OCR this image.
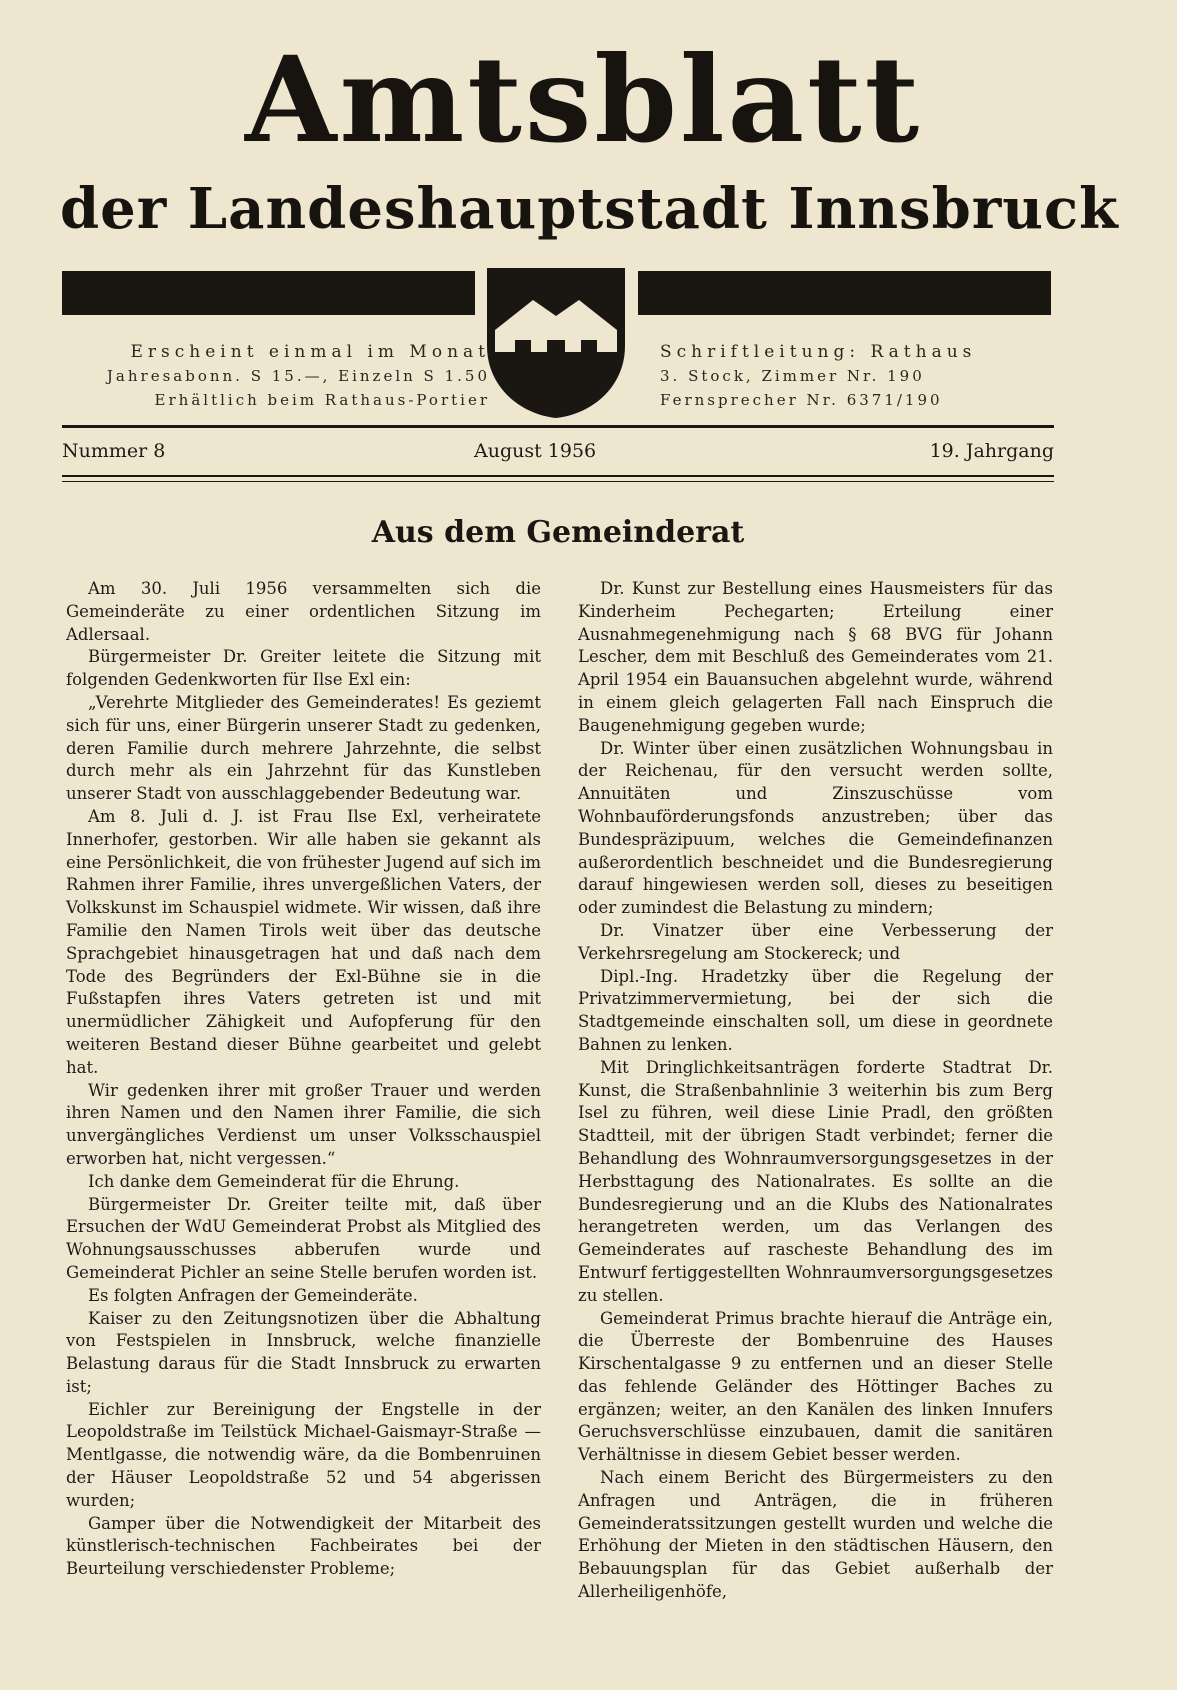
Amtsblatt
der Landeshauptstadt Innsbruck
Erscheint einmal im Monat
Jahresabonn. S 15.—, Einzeln S 1.50
Erhältlich beim Rathaus-Portier
Schriftleitung: Rathaus
3. Stock, Zimmer Nr. 190
Fernsprecher Nr. 6371/190
Nummer 8	August 1956	19. Jahrgang
Aus dem Gemeinderat

Am 30. Juli 1956 versammelten sich die Gemeinderäte zu einer ordentlichen Sitzung im Adlersaal.

Bürgermeister Dr. Greiter leitete die Sitzung mit folgenden Gedenkworten für Ilse Exl ein:

„Verehrte Mitglieder des Gemeinderates! Es geziemt sich für uns, einer Bürgerin unserer Stadt zu gedenken, deren Familie durch mehrere Jahrzehnte, die selbst durch mehr als ein Jahrzehnt für das Kunstleben unserer Stadt von ausschlaggebender Bedeutung war.

Am 8. Juli d. J. ist Frau Ilse Exl, verheiratete Innerhofer, gestorben. Wir alle haben sie gekannt als eine Persönlichkeit, die von frühester Jugend auf sich im Rahmen ihrer Familie, ihres unvergeßlichen Vaters, der Volkskunst im Schauspiel widmete. Wir wissen, daß ihre Familie den Namen Tirols weit über das deutsche Sprachgebiet hinausgetragen hat und daß nach dem Tode des Begründers der Exl-Bühne sie in die Fußstapfen ihres Vaters getreten ist und mit unermüdlicher Zähigkeit und Aufopferung für den weiteren Bestand dieser Bühne gearbeitet und gelebt hat.

Wir gedenken ihrer mit großer Trauer und werden ihren Namen und den Namen ihrer Familie, die sich unvergängliches Verdienst um unser Volksschauspiel erworben hat, nicht vergessen.“

Ich danke dem Gemeinderat für die Ehrung.

Bürgermeister Dr. Greiter teilte mit, daß über Ersuchen der WdU Gemeinderat Probst als Mitglied des Wohnungsausschusses abberufen wurde und Gemeinderat Pichler an seine Stelle berufen worden ist.

Es folgten Anfragen der Gemeinderäte.

Kaiser zu den Zeitungsnotizen über die Abhaltung von Festspielen in Innsbruck, welche finanzielle Belastung daraus für die Stadt Innsbruck zu erwarten ist;

Eichler zur Bereinigung der Engstelle in der Leopoldstraße im Teilstück Michael-Gaismayr-Straße — Mentlgasse, die notwendig wäre, da die Bombenruinen der Häuser Leopoldstraße 52 und 54 abgerissen wurden;

Gamper über die Notwendigkeit der Mitarbeit des künstlerisch-technischen Fachbeirates bei der Beurteilung verschiedenster Probleme;

Dr. Kunst zur Bestellung eines Hausmeisters für das Kinderheim Pechegarten; Erteilung einer Ausnahmegenehmigung nach § 68 BVG für Johann Lescher, dem mit Beschluß des Gemeinderates vom 21. April 1954 ein Bauansuchen abgelehnt wurde, während in einem gleich gelagerten Fall nach Einspruch die Baugenehmigung gegeben wurde;

Dr. Winter über einen zusätzlichen Wohnungsbau in der Reichenau, für den versucht werden sollte, Annuitäten und Zinszuschüsse vom Wohnbauförderungsfonds anzustreben; über das Bundespräzipuum, welches die Gemeindefinanzen außerordentlich beschneidet und die Bundesregierung darauf hingewiesen werden soll, dieses zu beseitigen oder zumindest die Belastung zu mindern;

Dr. Vinatzer über eine Verbesserung der Verkehrsregelung am Stockereck; und

Dipl.-Ing. Hradetzky über die Regelung der Privatzimmervermietung, bei der sich die Stadtgemeinde einschalten soll, um diese in geordnete Bahnen zu lenken.

Mit Dringlichkeitsanträgen forderte Stadtrat Dr. Kunst, die Straßenbahnlinie 3 weiterhin bis zum Berg Isel zu führen, weil diese Linie Pradl, den größten Stadtteil, mit der übrigen Stadt verbindet; ferner die Behandlung des Wohnraumversorgungsgesetzes in der Herbsttagung des Nationalrates. Es sollte an die Bundesregierung und an die Klubs des Nationalrates herangetreten werden, um das Verlangen des Gemeinderates auf rascheste Behandlung des im Entwurf fertiggestellten Wohnraumversorgungsgesetzes zu stellen.

Gemeinderat Primus brachte hierauf die Anträge ein, die Überreste der Bombenruine des Hauses Kirschentalgasse 9 zu entfernen und an dieser Stelle das fehlende Geländer des Höttinger Baches zu ergänzen; weiter, an den Kanälen des linken Innufers Geruchsverschlüsse einzubauen, damit die sanitären Verhältnisse in diesem Gebiet besser werden.

Nach einem Bericht des Bürgermeisters zu den Anfragen und Anträgen, die in früheren Gemeinderatssitzungen gestellt wurden und welche die Erhöhung der Mieten in den städtischen Häusern, den Bebauungsplan für das Gebiet außerhalb der Allerheiligenhöfe,
